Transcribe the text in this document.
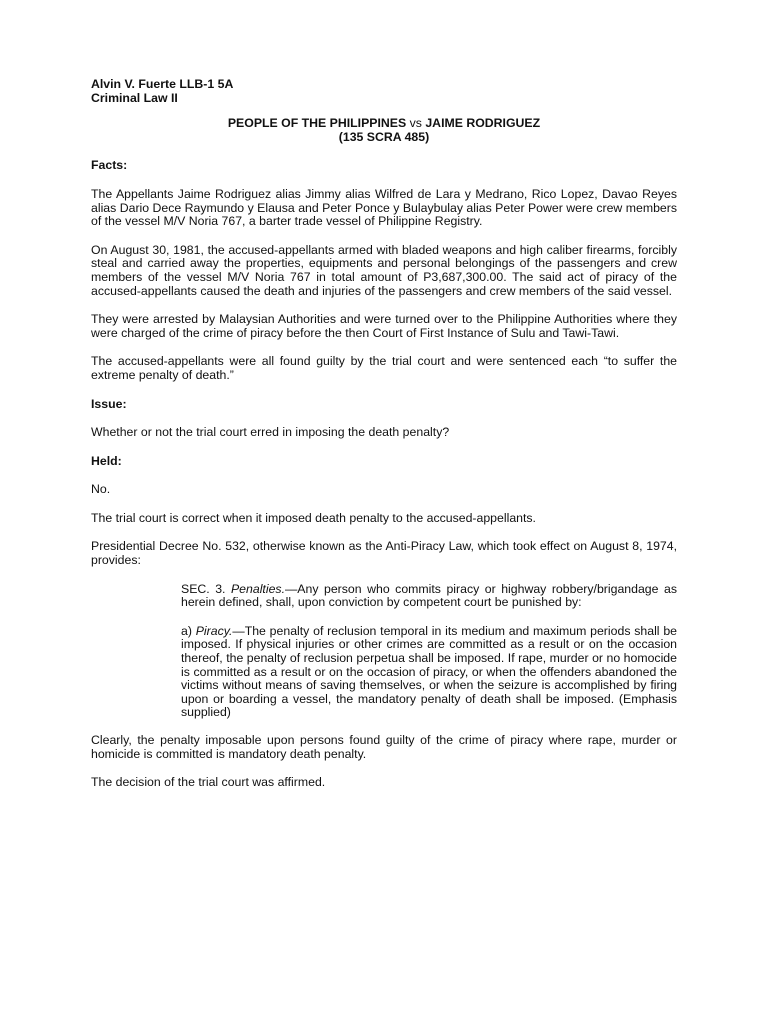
Alvin V. Fuerte LLB-1 5A

Criminal Law II

PEOPLE OF THE PHILIPPINES vs JAIME RODRIGUEZ

(135 SCRA 485)

Facts:

The Appellants Jaime Rodriguez alias Jimmy alias Wilfred de Lara y Medrano, Rico Lopez, Davao Reyes alias Dario Dece Raymundo y Elausa and Peter Ponce y Bulaybulay alias Peter Power were crew members of the vessel M/V Noria 767, a barter trade vessel of Philippine Registry.

On August 30, 1981, the accused-appellants armed with bladed weapons and high caliber firearms, forcibly steal and carried away the properties, equipments and personal belongings of the passengers and crew members of the vessel M/V Noria 767 in total amount of P3,687,300.00. The said act of piracy of the accused-appellants caused the death and injuries of the passengers and crew members of the said vessel.

They were arrested by Malaysian Authorities and were turned over to the Philippine Authorities where they were charged of the crime of piracy before the then Court of First Instance of Sulu and Tawi-Tawi.

The accused-appellants were all found guilty by the trial court and were sentenced each “to suffer the extreme penalty of death.”

Issue:

Whether or not the trial court erred in imposing the death penalty?

Held:

No.

The trial court is correct when it imposed death penalty to the accused-appellants.

Presidential Decree No. 532, otherwise known as the Anti-Piracy Law, which took effect on August 8, 1974, provides:

SEC. 3. Penalties.—Any person who commits piracy or highway robbery/brigandage as herein defined, shall, upon conviction by competent court be punished by:

a) Piracy.—The penalty of reclusion temporal in its medium and maximum periods shall be imposed. If physical injuries or other crimes are committed as a result or on the occasion thereof, the penalty of reclusion perpetua shall be imposed. If rape, murder or no homocide is committed as a result or on the occasion of piracy, or when the offenders abandoned the victims without means of saving themselves, or when the seizure is accomplished by firing upon or boarding a vessel, the mandatory penalty of death shall be imposed. (Emphasis supplied)

Clearly, the penalty imposable upon persons found guilty of the crime of piracy where rape, murder or homicide is committed is mandatory death penalty.

The decision of the trial court was affirmed.
